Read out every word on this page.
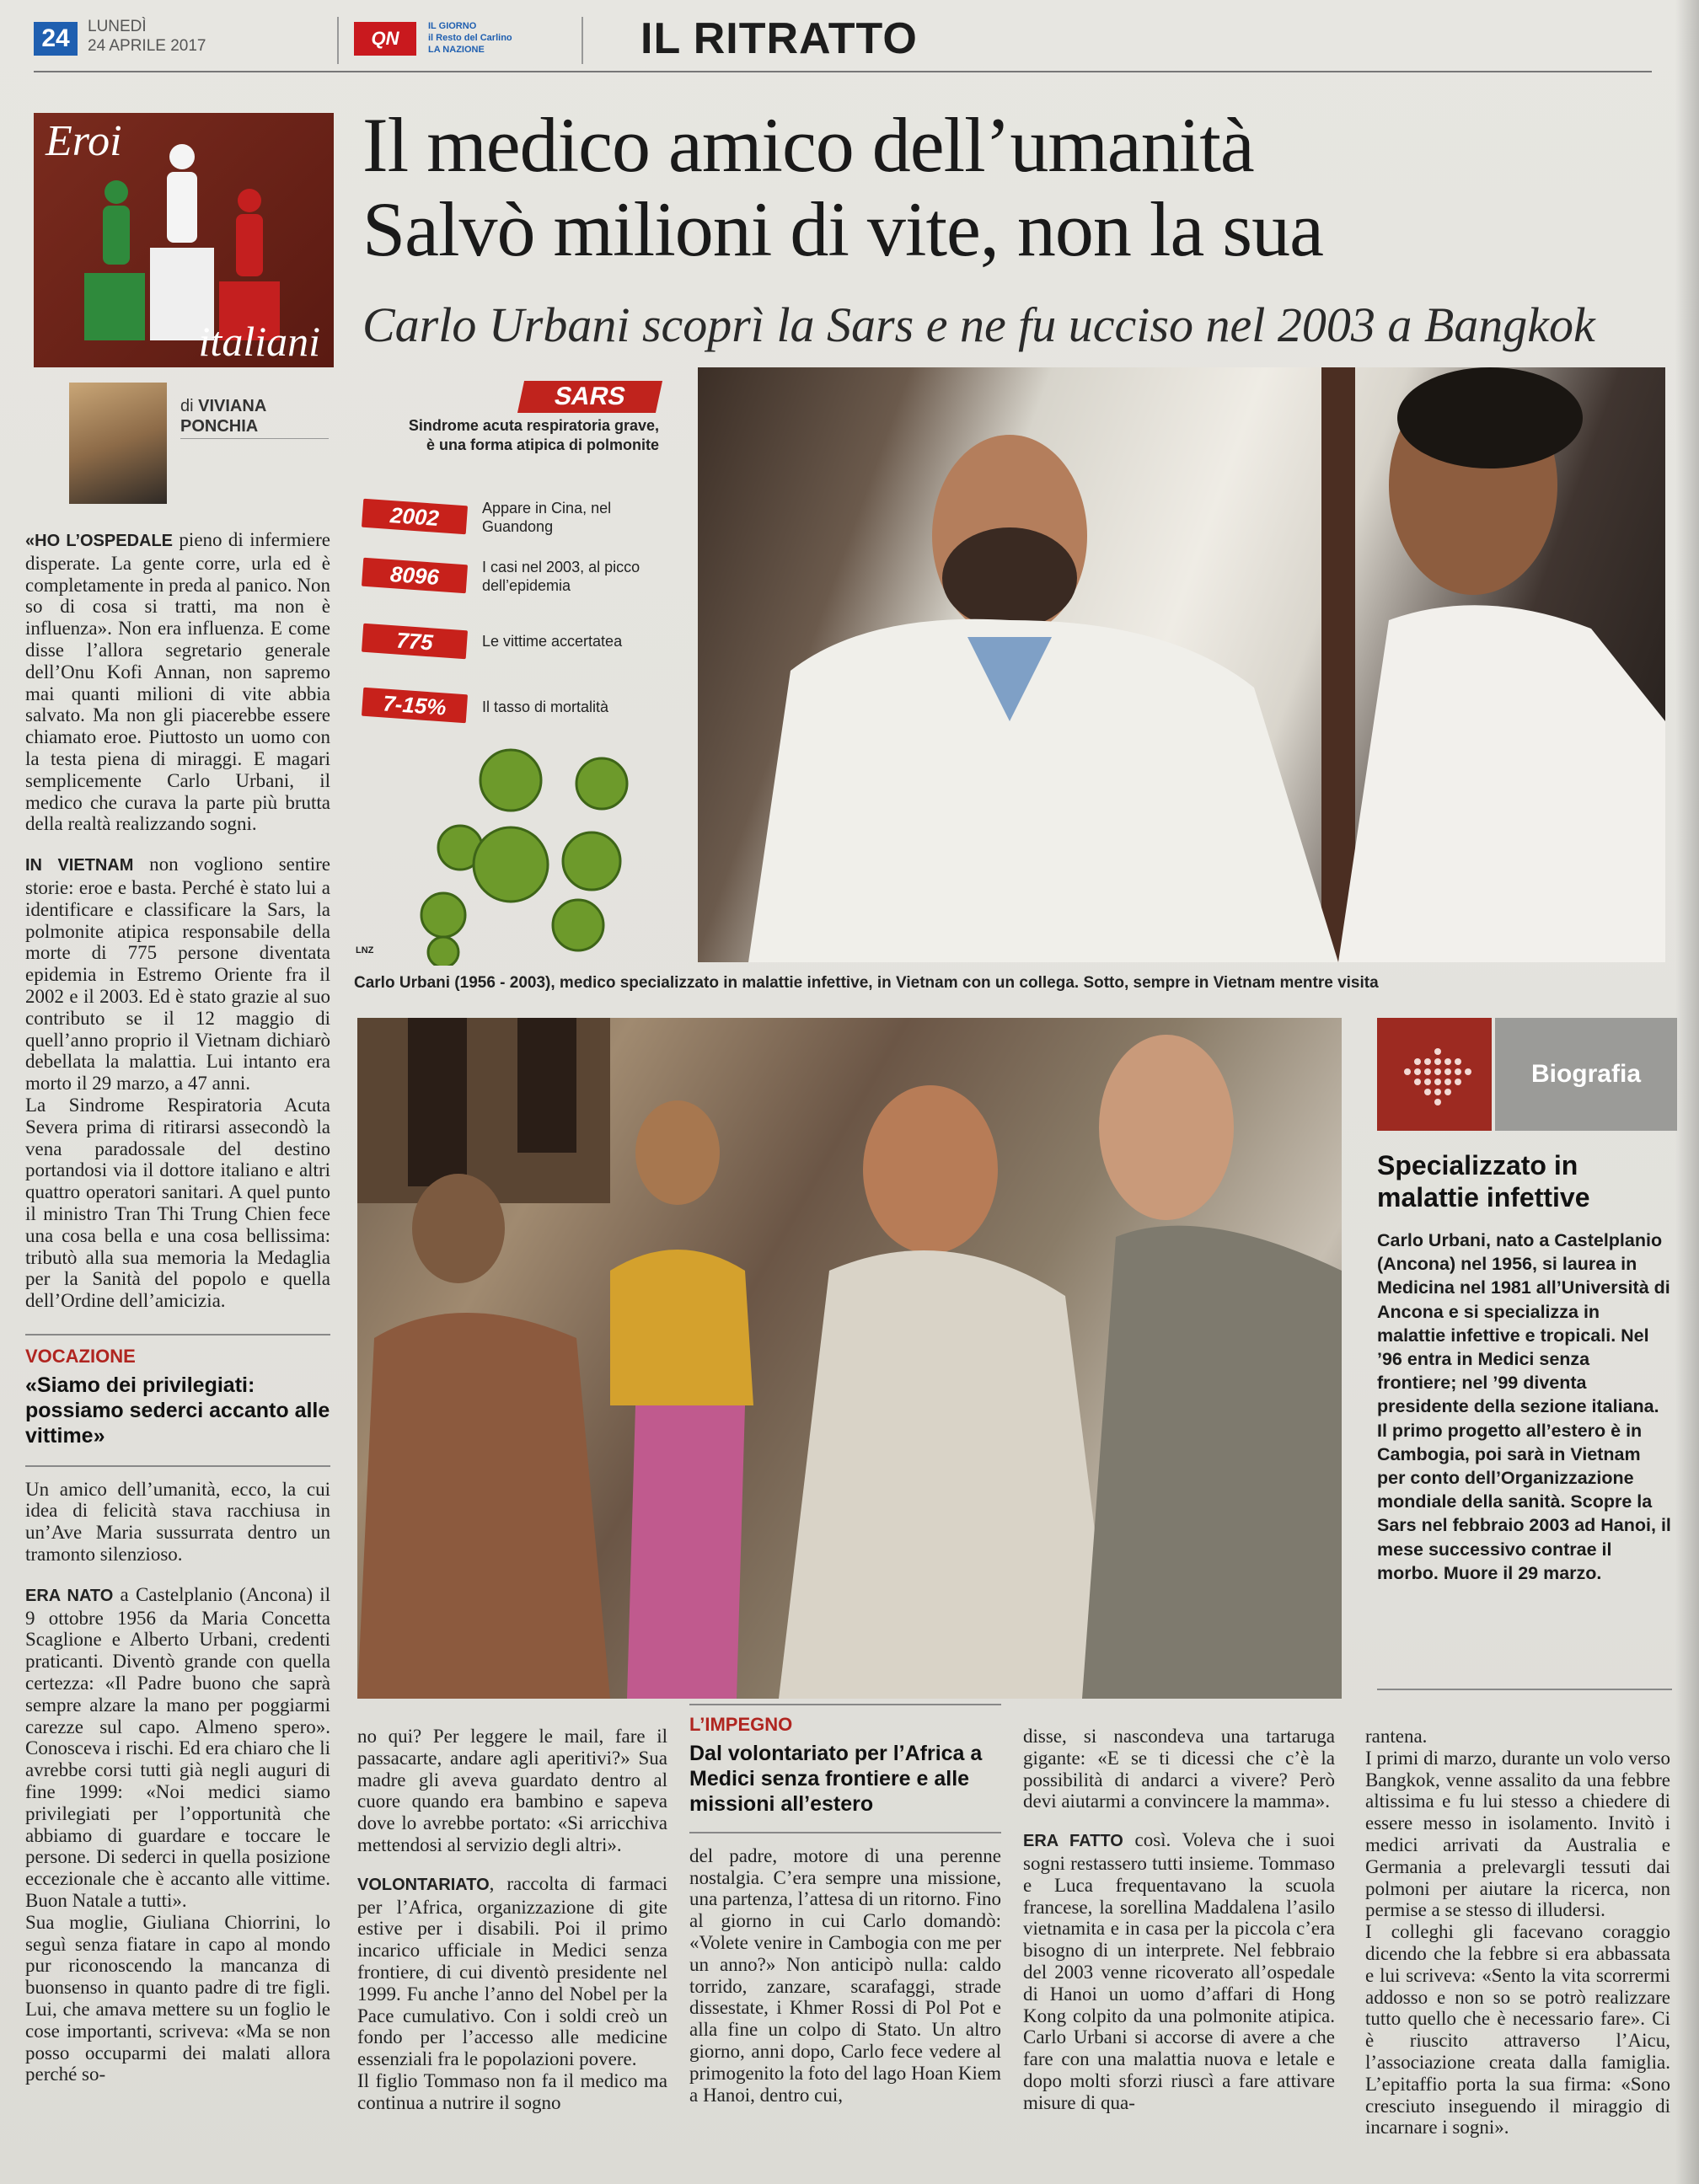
24	LUNEDÌ
24 APRILE 2017	QN
IL GIORNO
il Resto del Carlino
LA NAZIONE	IL RITRATTO
Eroi
italiani
Il medico amico dell’umanità
Salvò milioni di vite, non la sua
Carlo Urbani scoprì la Sars e ne fu ucciso nel 2003 a Bangkok
di VIVIANA
PONCHIA

«HO L’OSPEDALE pieno di infermiere disperate. La gente corre, urla ed è completamente in preda al panico. Non so di cosa si tratti, ma non è influenza». Non era influenza. E come disse l’allora segretario generale dell’Onu Kofi Annan, non sapremo mai quanti milioni di vite abbia salvato. Ma non gli piacerebbe essere chiamato eroe. Piuttosto un uomo con la testa piena di miraggi. E magari semplicemente Carlo Urbani, il medico che curava la parte più brutta della realtà realizzando sogni.

IN VIETNAM non vogliono sentire storie: eroe e basta. Perché è stato lui a identificare e classificare la Sars, la polmonite atipica responsabile della morte di 775 persone diventata epidemia in Estremo Oriente fra il 2002 e il 2003. Ed è stato grazie al suo contributo se il 12 maggio di quell’anno proprio il Vietnam dichiarò debellata la malattia. Lui intanto era morto il 29 marzo, a 47 anni.

La Sindrome Respiratoria Acuta Severa prima di ritirarsi assecondò la vena paradossale del destino portandosi via il dottore italiano e altri quattro operatori sanitari. A quel punto il ministro Tran Thi Trung Chien fece una cosa bella e una cosa bellissima: tributò alla sua memoria la Medaglia per la Sanità del popolo e quella dell’Ordine dell’amicizia.

VOCAZIONE
«Siamo dei privilegiati: possiamo sederci accanto alle vittime»

Un amico dell’umanità, ecco, la cui idea di felicità stava racchiusa in un’Ave Maria sussurrata dentro un tramonto silenzioso.

ERA NATO a Castelplanio (Ancona) il 9 ottobre 1956 da Maria Concetta Scaglione e Alberto Urbani, credenti praticanti. Diventò grande con quella certezza: «Il Padre buono che saprà sempre alzare la mano per poggiarmi carezze sul capo. Almeno spero». Conosceva i rischi. Ed era chiaro che li avrebbe corsi tutti già negli auguri di fine 1999: «Noi medici siamo privilegiati per l’opportunità che abbiamo di guardare e toccare le persone. Di sederci in quella posizione eccezionale che è accanto alle vittime. Buon Natale a tutti».

Sua moglie, Giuliana Chiorrini, lo seguì senza fiatare in capo al mondo pur riconoscendo la mancanza di buonsenso in quanto padre di tre figli. Lui, che amava mettere su un foglio le cose importanti, scriveva: «Ma se non posso occuparmi dei malati allora perché so-

SARS
Sindrome acuta respiratoria grave, è una forma atipica di polmonite
2002	Appare in Cina, nel Guandong
8096	I casi nel 2003, al picco dell’epidemia
775	Le vittime accertatea
7-15%	Il tasso di mortalità
LNZ
Carlo Urbani (1956 - 2003), medico specializzato in malattie infettive, in Vietnam con un collega. Sotto, sempre in Vietnam mentre visita
Biografia
Specializzato in malattie infettive
Carlo Urbani, nato a Castelplanio (Ancona) nel 1956, si laurea in Medicina nel 1981 all’Università di Ancona e si specializza in malattie infettive e tropicali. Nel ’96 entra in Medici senza frontiere; nel ’99 diventa presidente della sezione italiana. Il primo progetto all’estero è in Cambogia, poi sarà in Vietnam per conto dell’Organizzazione mondiale della sanità. Scopre la Sars nel febbraio 2003 ad Hanoi, il mese successivo contrae il morbo. Muore il 29 marzo.

no qui? Per leggere le mail, fare il passacarte, andare agli aperitivi?» Sua madre gli aveva guardato dentro al cuore quando era bambino e sapeva dove lo avrebbe portato: «Si arricchiva mettendosi al servizio degli altri».

VOLONTARIATO, raccolta di farmaci per l’Africa, organizzazione di gite estive per i disabili. Poi il primo incarico ufficiale in Medici senza frontiere, di cui diventò presidente nel 1999. Fu anche l’anno del Nobel per la Pace cumulativo. Con i soldi creò un fondo per l’accesso alle medicine essenziali fra le popolazioni povere.

Il figlio Tommaso non fa il medico ma continua a nutrire il sogno

L’IMPEGNO
Dal volontariato per l’Africa a Medici senza frontiere e alle missioni all’estero

del padre, motore di una perenne nostalgia. C’era sempre una missione, una partenza, l’attesa di un ritorno. Fino al giorno in cui Carlo domandò: «Volete venire in Cambogia con me per un anno?» Non anticipò nulla: caldo torrido, zanzare, scarafaggi, strade dissestate, i Khmer Rossi di Pol Pot e alla fine un colpo di Stato. Un altro giorno, anni dopo, Carlo fece vedere al primogenito la foto del lago Hoan Kiem a Hanoi, dentro cui,

disse, si nascondeva una tartaruga gigante: «E se ti dicessi che c’è la possibilità di andarci a vivere? Però devi aiutarmi a convincere la mamma».

ERA FATTO così. Voleva che i suoi sogni restassero tutti insieme. Tommaso e Luca frequentavano la scuola francese, la sorellina Maddalena l’asilo vietnamita e in casa per la piccola c’era bisogno di un interprete. Nel febbraio del 2003 venne ricoverato all’ospedale di Hanoi un uomo d’affari di Hong Kong colpito da una polmonite atipica. Carlo Urbani si accorse di avere a che fare con una malattia nuova e letale e dopo molti sforzi riuscì a fare attivare misure di qua-

rantena.

I primi di marzo, durante un volo verso Bangkok, venne assalito da una febbre altissima e fu lui stesso a chiedere di essere messo in isolamento. Invitò i medici arrivati da Australia e Germania a prelevargli tessuti dai polmoni per aiutare la ricerca, non permise a se stesso di illudersi.

I colleghi gli facevano coraggio dicendo che la febbre si era abbassata e lui scriveva: «Sento la vita scorrermi addosso e non so se potrò realizzare tutto quello che è necessario fare». Ci è riuscito attraverso l’Aicu, l’associazione creata dalla famiglia. L’epitaffio porta la sua firma: «Sono cresciuto inseguendo il miraggio di incarnare i sogni».
